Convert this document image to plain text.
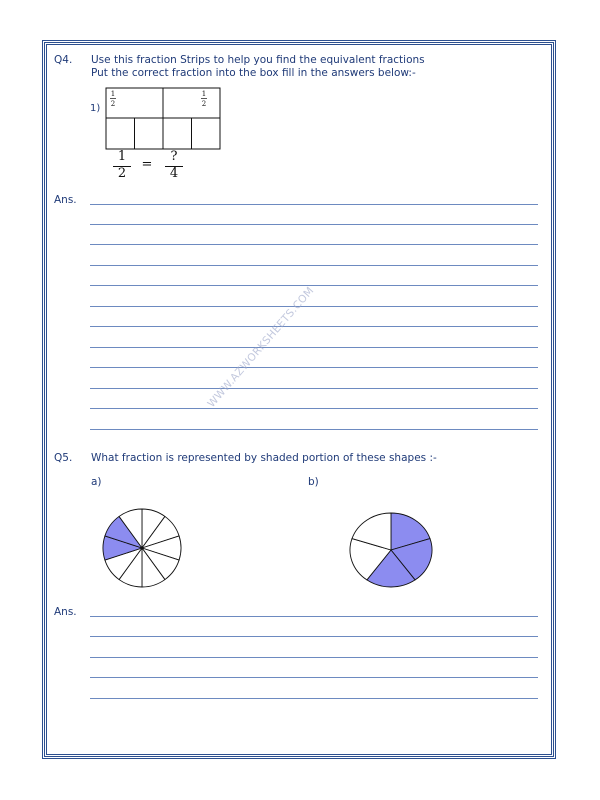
Q4. Use this fraction Strips to help you find the equivalent fractions
Put the correct fraction into the box fill in the answers below:-
1)
1
2
1
2
1
2
=
?
4
Ans.
WWW.AZWORKSHEETS.COM
Q5. What fraction is represented by shaded portion of these shapes :-
a)	b)
Ans.
